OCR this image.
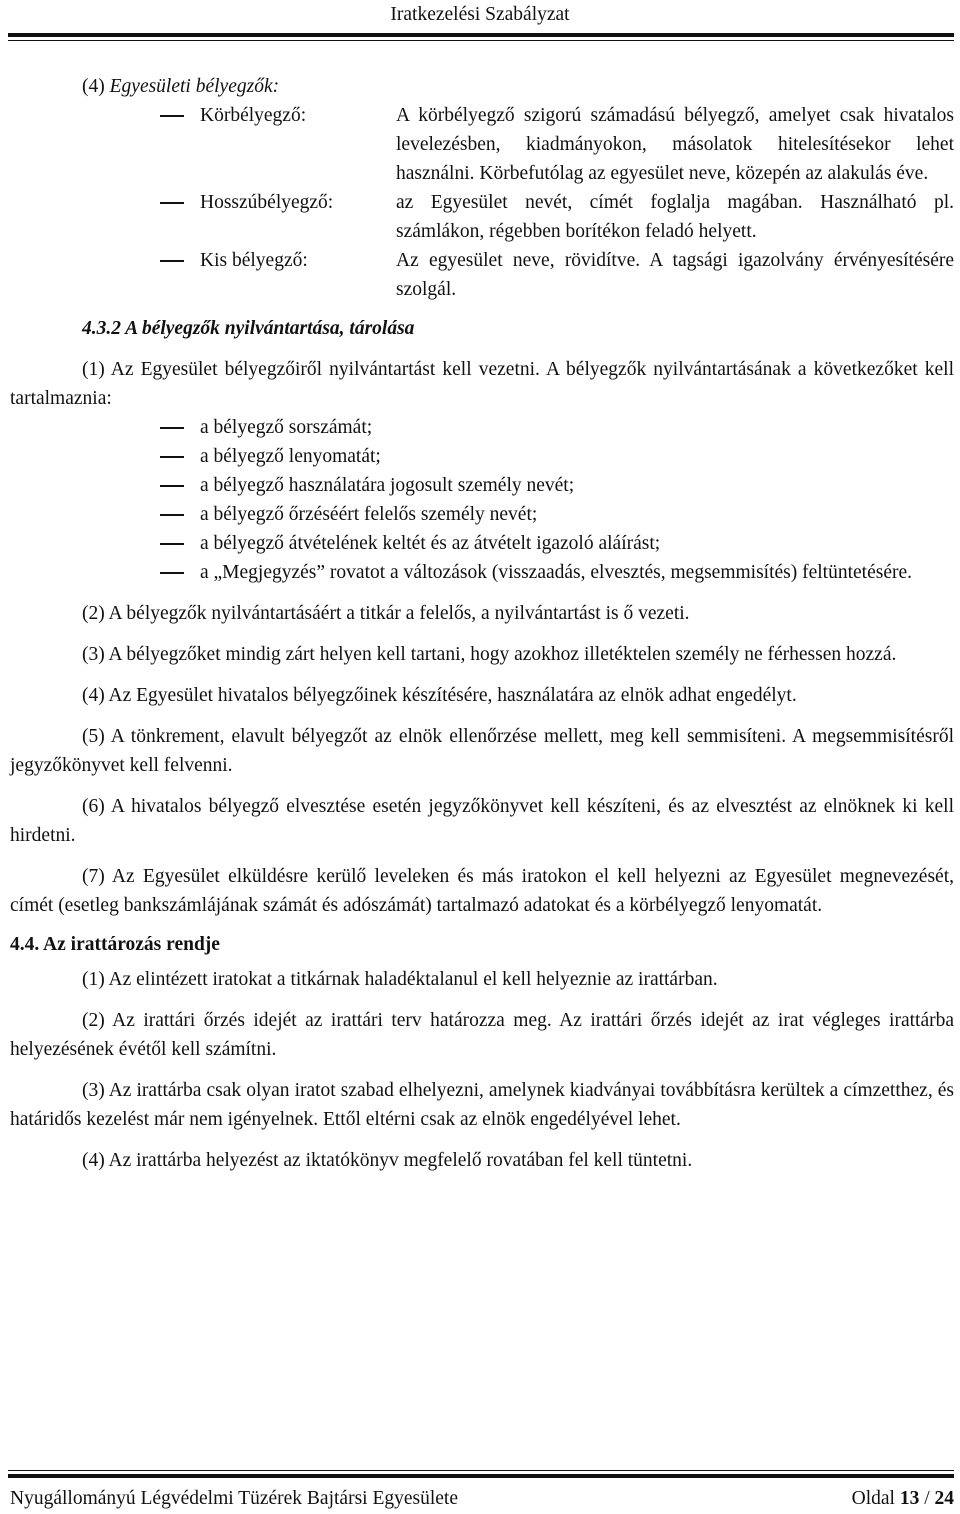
Iratkezelési Szabályzat

(4) Egyesületi bélyegzők:

Körbélyegző:	A körbélyegző szigorú számadású bélyegző, amelyet csak hivatalos levelezésben, kiadmányokon, másolatok hitelesítésekor lehet használni. Körbefutólag az egyesület neve, közepén az alakulás éve.
Hosszúbélyegző:	az Egyesület nevét, címét foglalja magában. Használható pl. számlákon, régebben borítékon feladó helyett.
Kis bélyegző:	Az egyesület neve, rövidítve. A tagsági igazolvány érvényesítésére szolgál.

4.3.2 A bélyegzők nyilvántartása, tárolása

(1) Az Egyesület bélyegzőiről nyilvántartást kell vezetni. A bélyegzők nyilvántartásának a következőket kell tartalmaznia:

a bélyegző sorszámát;
a bélyegző lenyomatát;
a bélyegző használatára jogosult személy nevét;
a bélyegző őrzéséért felelős személy nevét;
a bélyegző átvételének keltét és az átvételt igazoló aláírást;
a „Megjegyzés” rovatot a változások (visszaadás, elvesztés, megsemmisítés) feltüntetésére.

(2) A bélyegzők nyilvántartásáért a titkár a felelős, a nyilvántartást is ő vezeti.

(3) A bélyegzőket mindig zárt helyen kell tartani, hogy azokhoz illetéktelen személy ne férhessen hozzá.

(4) Az Egyesület hivatalos bélyegzőinek készítésére, használatára az elnök adhat engedélyt.

(5) A tönkrement, elavult bélyegzőt az elnök ellenőrzése mellett, meg kell semmisíteni. A megsemmisítésről jegyzőkönyvet kell felvenni.

(6) A hivatalos bélyegző elvesztése esetén jegyzőkönyvet kell készíteni, és az elvesztést az elnöknek ki kell hirdetni.

(7) Az Egyesület elküldésre kerülő leveleken és más iratokon el kell helyezni az Egyesület megnevezését, címét (esetleg bankszámlájának számát és adószámát) tartalmazó adatokat és a körbélyegző lenyomatát.

4.4. Az irattározás rendje

(1) Az elintézett iratokat a titkárnak haladéktalanul el kell helyeznie az irattárban.

(2) Az irattári őrzés idejét az irattári terv határozza meg. Az irattári őrzés idejét az irat végleges irattárba helyezésének évétől kell számítni.

(3) Az irattárba csak olyan iratot szabad elhelyezni, amelynek kiadványai továbbításra kerültek a címzetthez, és határidős kezelést már nem igényelnek. Ettől eltérni csak az elnök engedélyével lehet.

(4) Az irattárba helyezést az iktatókönyv megfelelő rovatában fel kell tüntetni.

Nyugállományú Légvédelmi Tüzérek Bajtársi Egyesülete	Oldal 13 / 24
